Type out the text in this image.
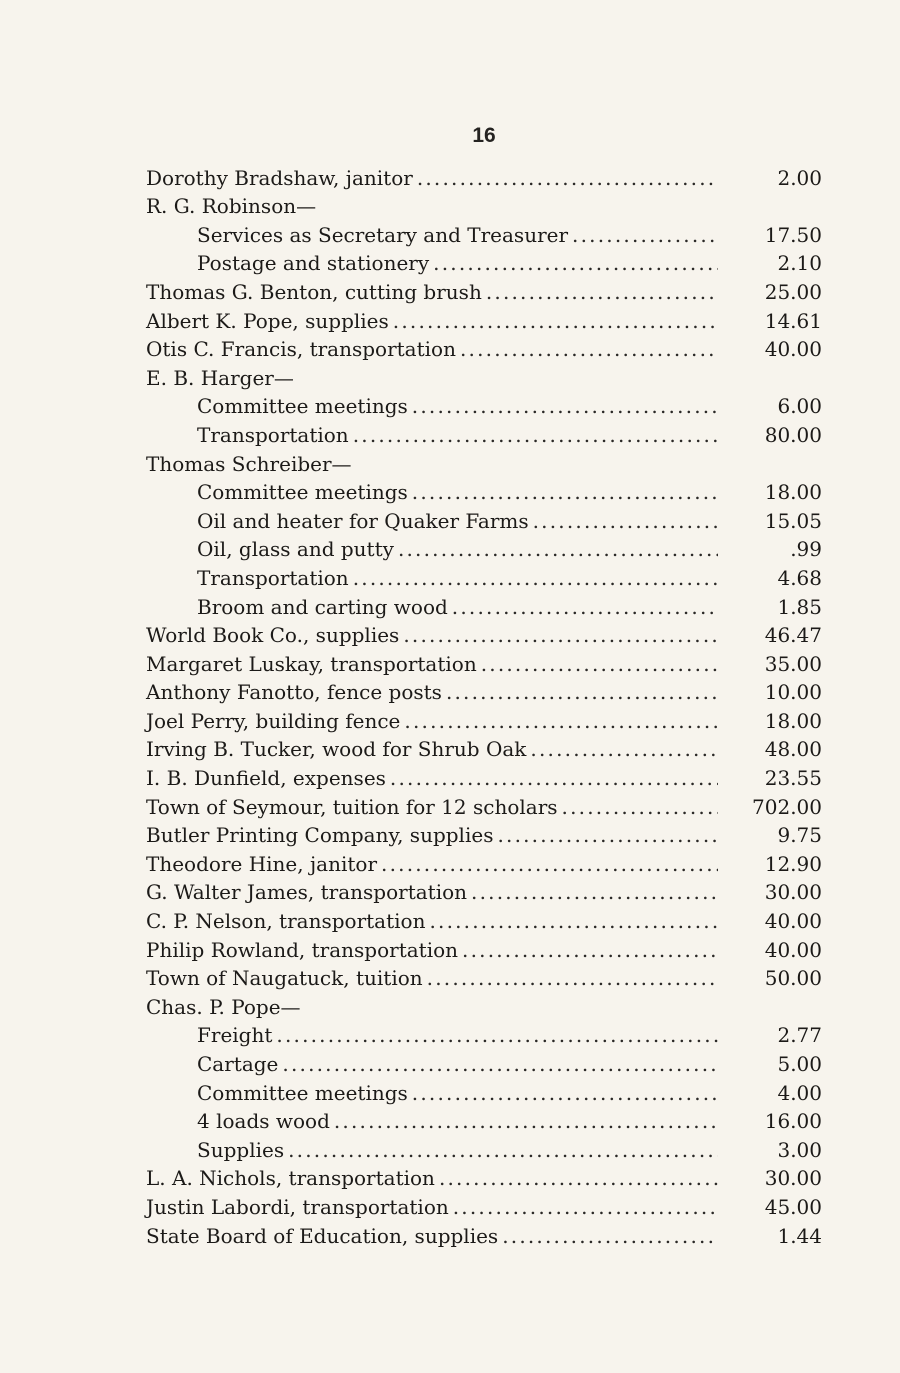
16
Dorothy Bradshaw, janitor .....	2.00
R. G. Robinson—
Services as Secretary and Treasurer .....	17.50
Postage and stationery .....	2.10
Thomas G. Benton, cutting brush .....	25.00
Albert K. Pope, supplies .....	14.61
Otis C. Francis, transportation .....	40.00
E. B. Harger—
Committee meetings .....	6.00
Transportation .....	80.00
Thomas Schreiber—
Committee meetings .....	18.00
Oil and heater for Quaker Farms .....	15.05
Oil, glass and putty .....	.99
Transportation .....	4.68
Broom and carting wood .....	1.85
World Book Co., supplies .....	46.47
Margaret Luskay, transportation .....	35.00
Anthony Fanotto, fence posts .....	10.00
Joel Perry, building fence .....	18.00
Irving B. Tucker, wood for Shrub Oak .....	48.00
I. B. Dunfield, expenses .....	23.55
Town of Seymour, tuition for 12 scholars .....	702.00
Butler Printing Company, supplies .....	9.75
Theodore Hine, janitor .....	12.90
G. Walter James, transportation .....	30.00
C. P. Nelson, transportation .....	40.00
Philip Rowland, transportation .....	40.00
Town of Naugatuck, tuition .....	50.00
Chas. P. Pope—
Freight .....	2.77
Cartage .....	5.00
Committee meetings .....	4.00
4 loads wood .....	16.00
Supplies .....	3.00
L. A. Nichols, transportation .....	30.00
Justin Labordi, transportation .....	45.00
State Board of Education, supplies .....	1.44
